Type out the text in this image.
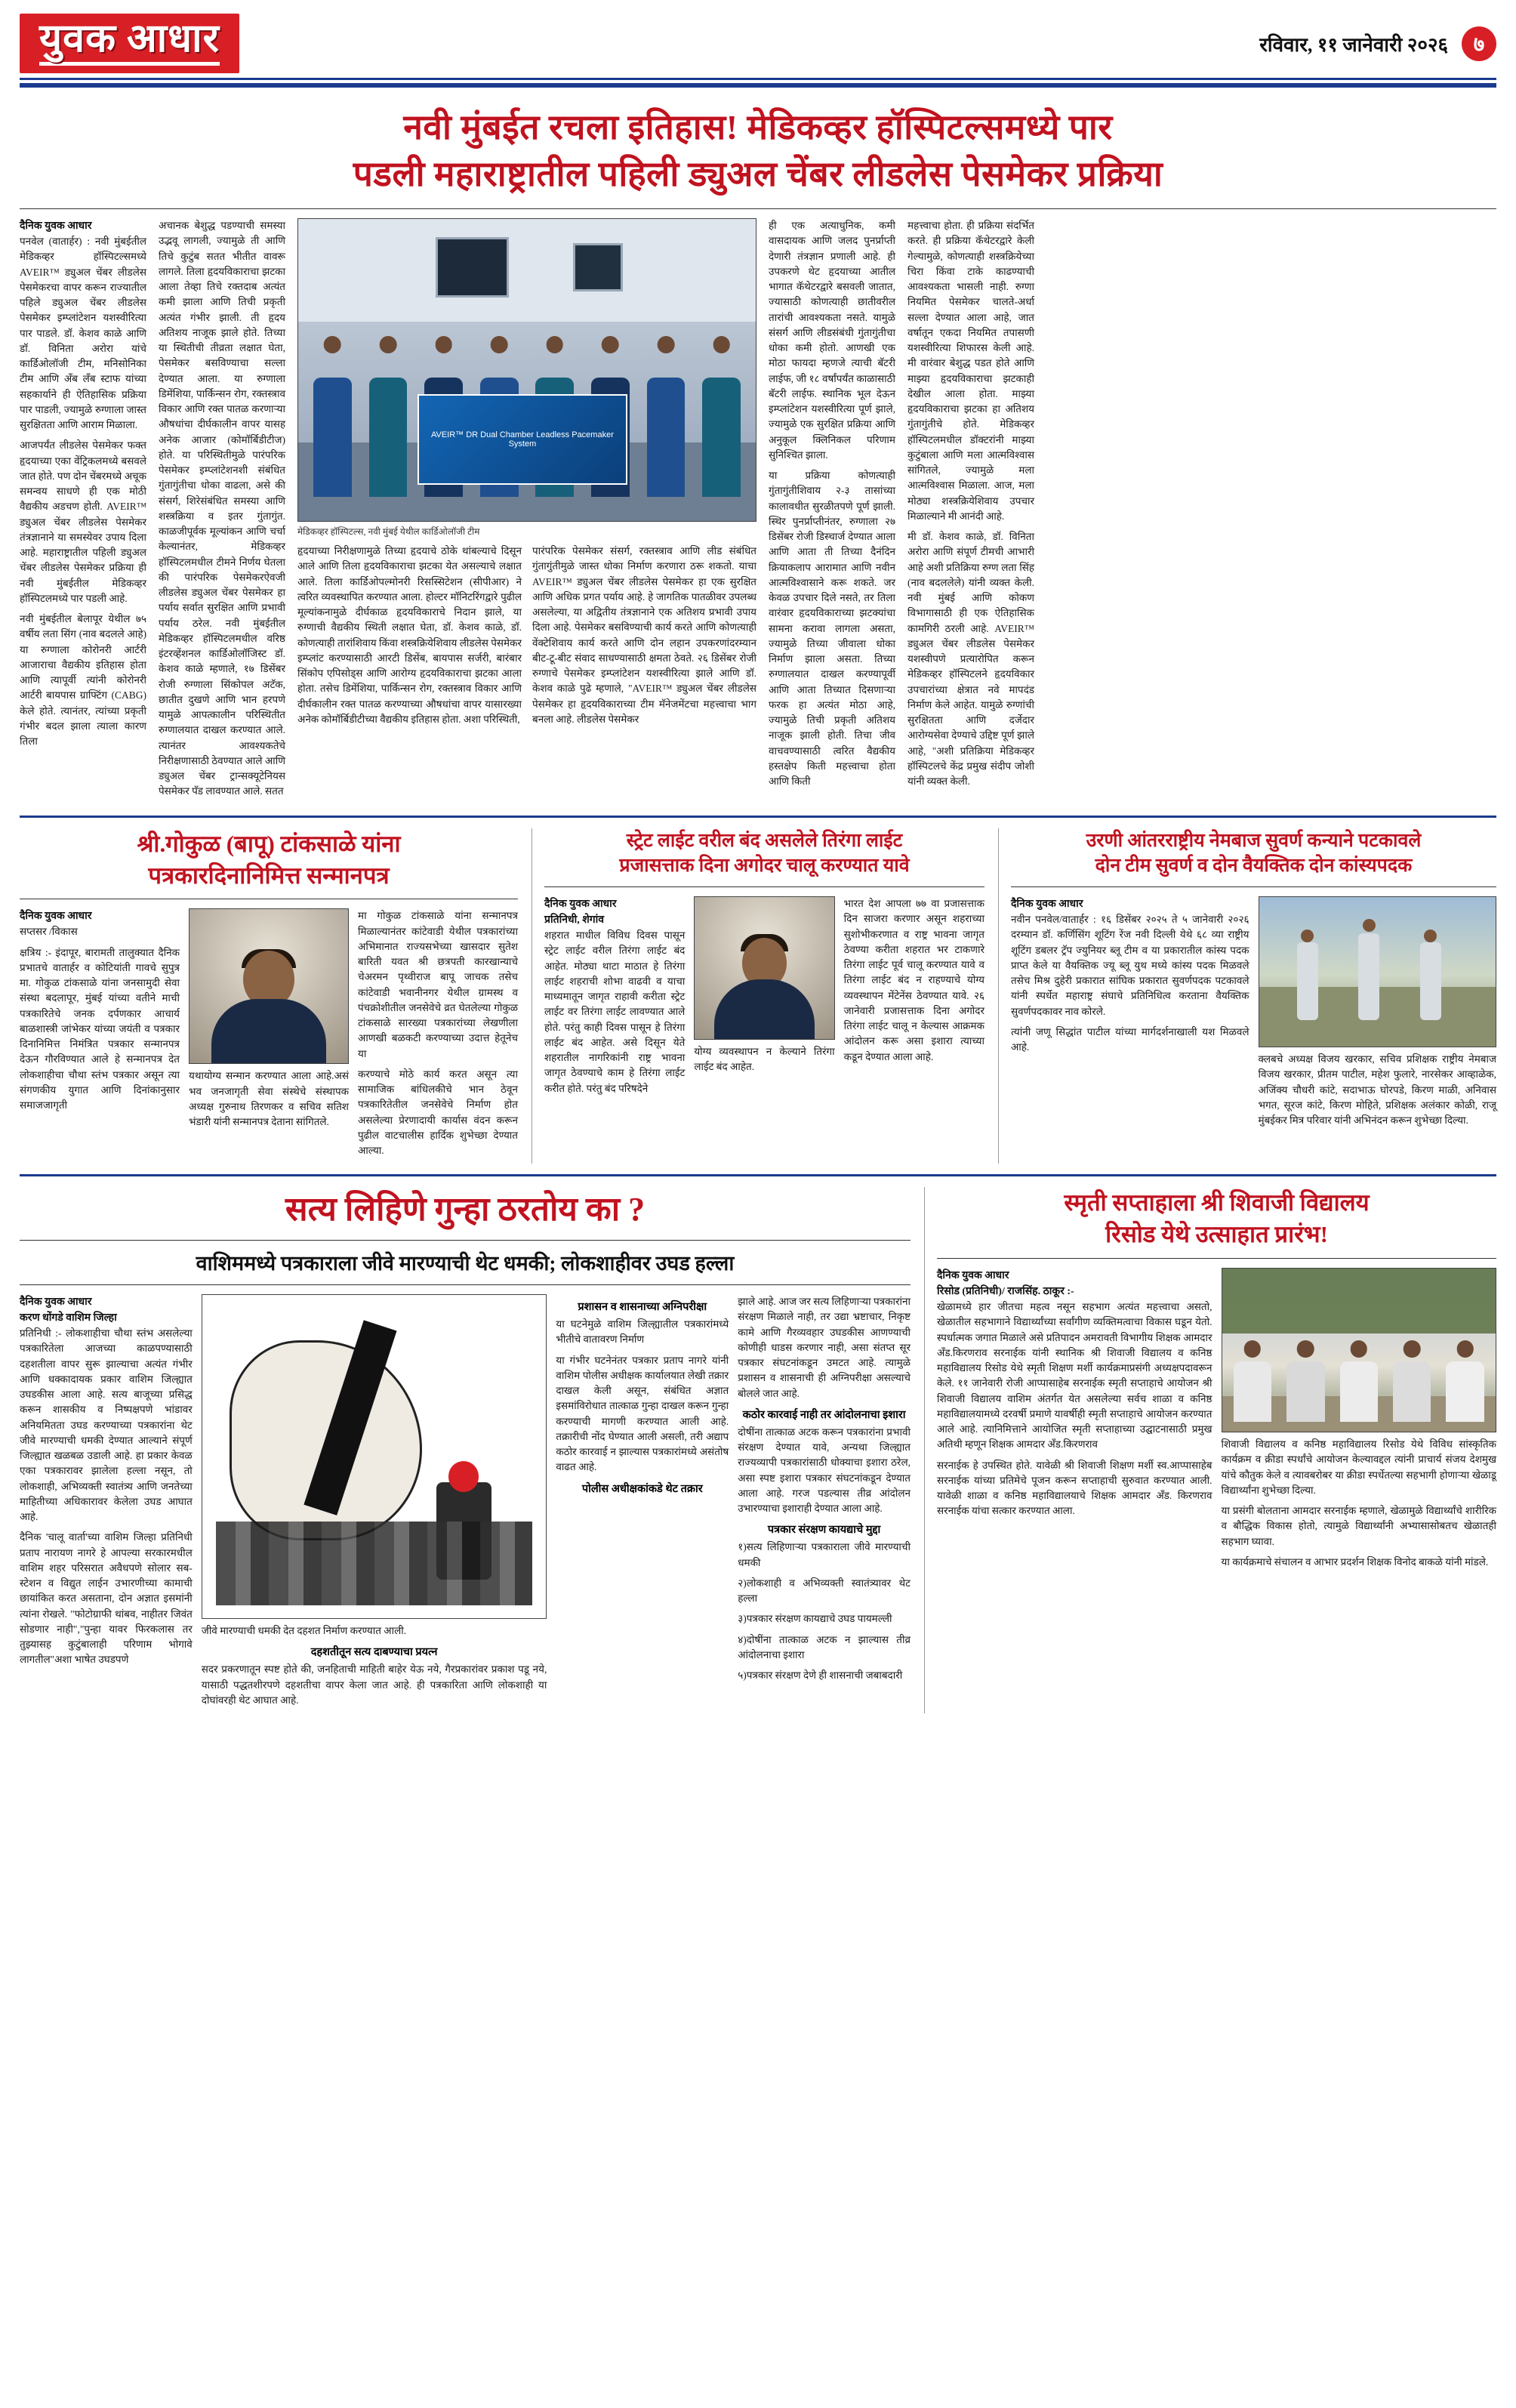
युवक आधार	रविवार, ११ जानेवारी २०२६	७
नवी मुंबईत रचला इतिहास! मेडिकव्हर हॉस्पिटल्समध्ये पार
पडली महाराष्ट्रातील पहिली ड्युअल चेंबर लीडलेस पेसमेकर प्रक्रिया
दैनिक युवक आधार
पनवेल (वातार्हर) : नवी मुंबईतील मेडिकव्हर हॉस्पिटल्समध्ये AVEIR™ ड्युअल चेंबर लीडलेस पेसमेकरचा वापर करून राज्यातील पहिले ड्युअल चेंबर लीडलेस पेसमेकर इम्प्लांटेशन यशस्वीरित्या पार पाडले. डॉ. केशव काळे आणि डॉ. विनिता अरोरा यांचे कार्डिओलॉजी टीम, मनिसोनिका टीम आणि अँब लँब स्टाफ यांच्या सहकार्याने ही ऐतिहासिक प्रक्रिया पार पाडली, ज्यामुळे रुग्णाला जास्त सुरक्षितता आणि आराम मिळाला.
आजपर्यंत लीडलेस पेसमेकर फक्त हृदयाच्या एका वेंट्रिकलमध्ये बसवले जात होते. पण दोन चेंबरमध्ये अचूक समन्वय साधणे ही एक मोठी वैद्यकीय अडचण होती. AVEIR™ ड्युअल चेंबर लीडलेस पेसमेकर तंत्रज्ञानाने या समस्येवर उपाय दिला आहे. महाराष्ट्रातील पहिली ड्युअल चेंबर लीडलेस पेसमेकर प्रक्रिया ही नवी मुंबईतील मेडिकव्हर हॉस्पिटलमध्ये पार पडली आहे.
नवी मुंबईतील बेलापूर येथील ७५ वर्षीय लता सिंग (नाव बदलले आहे) या रुग्णाला कोरोनरी आर्टरी आजाराचा वैद्यकीय इतिहास होता आणि त्यापूर्वी त्यांनी कोरोनरी आर्टरी बायपास ग्राफ्टिंग (CABG) केले होते. त्यानंतर, त्यांच्या प्रकृती गंभीर बदल झाला त्याला कारण तिला
अचानक बेशुद्ध पडण्याची समस्या उद्भवू लागली, ज्यामुळे ती आणि तिचे कुटुंब सतत भीतीत वावरू लागले. तिला हृदयविकाराचा झटका आला तेव्हा तिचे रक्तदाब अत्यंत कमी झाला आणि तिची प्रकृती अत्यंत गंभीर झाली. ती हृदय अतिशय नाजूक झाले होते. तिच्या या स्थितीची तीव्रता लक्षात घेता, पेसमेकर बसविण्याचा सल्ला देण्यात आला. या रुग्णाला डिमेंशिया, पार्किन्सन रोग, रक्तस्त्राव विकार आणि रक्त पातळ करणाऱ्या औषधांचा दीर्घकालीन वापर यासह अनेक आजार (कोमॉर्बिडीटीज) होते. या परिस्थितीमुळे पारंपरिक पेसमेकर इम्प्लांटेशनशी संबंधित गुंतागुंतीचा धोका वाढला, असे की संसर्ग, शिरेसंबंधित समस्या आणि शस्त्रक्रिया व इतर गुंतागुंत. काळजीपूर्वक मूल्यांकन आणि चर्चा केल्यानंतर, मेडिकव्हर हॉस्पिटलमधील टीमने निर्णय घेतला की पारंपरिक पेसमेकरऐवजी लीडलेस ड्युअल चेंबर पेसमेकर हा पर्याय सर्वात सुरक्षित आणि प्रभावी पर्याय ठरेल. नवी मुंबईतील मेडिकव्हर हॉस्पिटलमधील वरिष्ठ इंटरव्हेंशनल कार्डिओलॉजिस्ट डॉ. केशव काळे म्हणाले, १७ डिसेंबर रोजी रुग्णाला सिंकोपल अटॅक, छातीत दुखणे आणि भान हरपणे यामुळे आपत्कालीन परिस्थितीत रुग्णालयात दाखल करण्यात आले. त्यानंतर आवश्यकतेचे निरीक्षणासाठी ठेवण्यात आले आणि ड्युअल चेंबर ट्रान्सक्यूटेनियस पेसमेकर पॅड लावण्यात आले. सतत
AVEIR™ DR Dual Chamber Leadless Pacemaker System
मेडिकव्हर हॉस्पिटल्स, नवी मुंबई येथील कार्डिओलॉजी टीम
हृदयाच्या निरीक्षणामुळे तिच्या हृदयाचे ठोके थांबल्याचे दिसून आले आणि तिला हृदयविकाराचा झटका येत असल्याचे लक्षात आले. तिला कार्डिओपल्मोनरी रिसस्सिटेशन (सीपीआर) ने त्वरित व्यवस्थापित करण्यात आला. होल्टर मॉनिटरिंगद्वारे पुढील मूल्यांकनामुळे दीर्घकाळ हृदयविकाराचे निदान झाले, या रुग्णाची वैद्यकीय स्थिती लक्षात घेता, डॉ. केशव काळे, डॉ. कोणत्याही तारांशिवाय किंवा शस्त्रक्रियेशिवाय लीडलेस पेसमेकर इम्प्लांट करण्यासाठी आरटी डिसेंब, बायपास सर्जरी, बारंबार सिंकोप एपिसोड्स आणि आरोग्य हृदयविकाराचा झटका आला होता. तसेच डिमेंशिया, पार्किन्सन रोग, रक्तस्त्राव विकार आणि दीर्घकालीन रक्त पातळ करण्याच्या औषधांचा वापर यासारख्या अनेक कोमॉर्बिडीटीच्या वैद्यकीय इतिहास होता. अशा परिस्थिती,
पारंपरिक पेसमेकर संसर्ग, रक्तस्त्राव आणि लीड संबंधित गुंतागुंतीमुळे जास्त धोका निर्माण करणारा ठरू शकतो. याचा AVEIR™ ड्युअल चेंबर लीडलेस पेसमेकर हा एक सुरक्षित आणि अधिक प्रगत पर्याय आहे. हे जागतिक पातळीवर उपलब्ध असलेल्या, या अद्वितीय तंत्रज्ञानाने एक अतिशय प्रभावी उपाय दिला आहे. पेसमेकर बसविण्याची कार्य करते आणि कोणत्याही वेंक्टेशिवाय कार्य करते आणि दोन लहान उपकरणांदरम्यान बीट-टू-बीट संवाद साधण्यासाठी क्षमता ठेवते. २६ डिसेंबर रोजी रुग्णाचे पेसमेकर इम्प्लांटेशन यशस्वीरित्या झाले आणि डॉ. केशव काळे पुढे म्हणाले, "AVEIR™ ड्युअल चेंबर लीडलेस पेसमेकर हा हृदयविकाराच्या टीम मॅनेजमेंटचा महत्त्वाचा भाग बनला आहे. लीडलेस पेसमेकर
ही एक अत्याधुनिक, कमी वासदायक आणि जलद पुनर्प्राप्ती देणारी तंत्रज्ञान प्रणाली आहे. ही उपकरणे थेट हृदयाच्या आतील भागात कॅथेटरद्वारे बसवली जातात, ज्यासाठी कोणत्याही छातीवरील तारांची आवश्यकता नसते. यामुळे संसर्ग आणि लीडसंबंधी गुंतागुंतीचा धोका कमी होतो. आणखी एक मोठा फायदा म्हणजे त्याची बॅटरी लाईफ, जी १८ वर्षांपर्यंत काळासाठी बॅटरी लाईफ. स्थानिक भूल देऊन इम्प्लांटेशन यशस्वीरित्या पूर्ण झाले, ज्यामुळे एक सुरक्षित प्रक्रिया आणि अनुकूल क्लिनिकल परिणाम सुनिश्चित झाला.
या प्रक्रिया कोणत्याही गुंतागुंतीशिवाय २-३ तासांच्या कालावधीत सुरळीतपणे पूर्ण झाली. स्थिर पुनर्प्राप्तीनंतर, रुग्णाला २७ डिसेंबर रोजी डिस्चार्ज देण्यात आला आणि आता ती तिच्या दैनंदिन क्रियाकलाप आरामात आणि नवीन आत्मविश्वासाने करू शकते. जर केवळ उपचार दिले नसते, तर तिला वारंवार हृदयविकाराच्या झटक्यांचा सामना करावा लागला असता, ज्यामुळे तिच्या जीवाला धोका निर्माण झाला असता. तिच्या रुग्णालयात दाखल करण्यापूर्वी आणि आता तिच्यात दिसणाऱ्या फरक हा अत्यंत मोठा आहे, ज्यामुळे तिची प्रकृती अतिशय नाजूक झाली होती. तिचा जीव वाचवण्यासाठी त्वरित वैद्यकीय हस्तक्षेप किती महत्त्वाचा होता आणि किती
महत्त्वाचा होता. ही प्रक्रिया संदर्भित करते. ही प्रक्रिया कॅथेटरद्वारे केली गेल्यामुळे, कोणत्याही शस्त्रक्रियेच्या चिरा किंवा टाके काढण्याची आवश्यकता भासली नाही. रुग्णा नियमित पेसमेकर चालते-अर्धा सल्ला देण्यात आला आहे, जात वर्षातून एकदा नियमित तपासणी यशस्वीरित्या शिफारस केली आहे. मी वारंवार बेशुद्ध पडत होते आणि माझ्या हृदयविकाराचा झटकाही देखील आला होता. माझ्या हृदयविकाराचा झटका हा अतिशय गुंतागुंतीचे होते. मेडिकव्हर हॉस्पिटलमधील डॉक्टरांनी माझ्या कुटुंबाला आणि मला आत्मविश्वास सांगितले, ज्यामुळे मला आत्मविश्वास मिळाला. आज, मला मोठ्या शस्त्रक्रियेशिवाय उपचार मिळाल्याने मी आनंदी आहे.
मी डॉ. केशव काळे, डॉ. विनिता अरोरा आणि संपूर्ण टीमची आभारी आहे अशी प्रतिक्रिया रुग्ण लता सिंह (नाव बदललेले) यांनी व्यक्त केली. नवी मुंबई आणि कोकण विभागासाठी ही एक ऐतिहासिक कामगिरी ठरली आहे. AVEIR™ ड्युअल चेंबर लीडलेस पेसमेकर यशस्वीपणे प्रत्यारोपित करून मेडिकव्हर हॉस्पिटलने हृदयविकार उपचारांच्या क्षेत्रात नवे मापदंड निर्माण केले आहेत. यामुळे रुग्णांची सुरक्षितता आणि दर्जेदार आरोग्यसेवा देण्याचे उद्दिष्ट पूर्ण झाले आहे, "अशी प्रतिक्रिया मेडिकव्हर हॉस्पिटलचे केंद्र प्रमुख संदीप जोशी यांनी व्यक्त केली.
श्री.गोकुळ (बापू) टांकसाळे यांना
पत्रकारदिनानिमित्त सन्मानपत्र
दैनिक युवक आधार
सप्तसर /विकास
क्षत्रिय :- इंदापूर, बारामती तालुक्यात दैनिक प्रभातचे वातार्हर व कोटियांती गावचे सुपुत्र मा. गोकुळ टांकसाळे यांना जनसामुदी सेवा संस्था बदलापूर, मुंबई यांच्या वतीने माची पत्रकारितेचे जनक दर्पणकार आचार्य बाळशास्त्री जांभेकर यांच्या जयंती व पत्रकार दिनानिमित्त निमंत्रित पत्रकार सन्मानपत्र देऊन गौरविण्यात आले हे सन्मानपत्र देत लोकशाहीचा चौथा स्तंभ पत्रकार असून त्या संगणकीय युगात आणि दिनांकानुसार समाजजागृती
यथायोग्य सन्मान करण्यात आला आहे.असं भव जनजागृती सेवा संस्थेचे संस्थापक अध्यक्ष गुरुनाथ तिरणकर व सचिव सतिश भंडारी यांनी सन्मानपत्र देताना सांगितले.
मा गोकुळ टांकसाळे यांना सन्मानपत्र मिळाल्यानंतर कांटेवाडी येथील पत्रकारांच्या अभिमानात राज्यसभेच्या खासदार सुतेश बारिती यवत श्री छत्रपती कारखान्याचे चेअरमन पृथ्वीराज बापू जाचक तसेच कांटेवाडी भवानीनगर येथील ग्रामस्थ व पंचक्रोशीतील जनसेवेचे व्रत घेतलेल्या गोकुळ टांकसाळे सारख्या पत्रकारांच्या लेखणीला आणखी बळकटी करण्याच्या उदात्त हेतूनेच या
करण्याचे मोठे कार्य करत असून त्या सामाजिक बांधिलकीचे भान ठेवून पत्रकारितेतील जनसेवेचे निर्माण होत असलेल्या प्रेरणादायी कार्यास वंदन करून पुढील वाटचालीस हार्दिक शुभेच्छा देण्यात आल्या.
स्ट्रेट लाईट वरील बंद असलेले तिरंगा लाईट
प्रजासत्ताक दिना अगोदर चालू करण्यात यावे
दैनिक युवक आधार
प्रतिनिधी, शेगांव
शहरात माधील विविध दिवस पासून स्ट्रेट लाईट वरील तिरंगा लाईट बंद आहेत. मोठ्या थाटा माठात हे तिरंगा लाईट शहराची शोभा वाढवी व याचा माध्यमातून जागृत राहावी करीता स्ट्रेट लाईट वर तिरंगा लाईट लावण्यात आले होते. परंतु काही दिवस पासून हे तिरंगा लाईट बंद आहेत. असे दिसून येते शहरातील नागरिकांनी राष्ट्र भावना जागृत ठेवण्याचे काम हे तिरंगा लाईट करीत होते. परंतु बंद परिषदेने
योग्य व्यवस्थापन न केल्याने तिरंगा लाईट बंद आहेत.
भारत देश आपला ७७ वा प्रजासत्ताक दिन साजरा करणार असून शहराच्या सुशोभीकरणात व राष्ट्र भावना जागृत ठेवण्या करीता शहरात भर टाकणारे तिरंगा लाईट पूर्व चालू करण्यात यावे व तिरंगा लाईट बंद न राहण्याचे योग्य व्यवस्थापन मेंटेनेंस ठेवण्यात यावे. २६ जानेवारी प्रजासत्ताक दिना अगोदर तिरंगा लाईट चालू न केल्यास आक्रमक आंदोलन करू असा इशारा त्याच्या कडून देण्यात आला आहे.
उरणी आंतरराष्ट्रीय नेमबाज सुवर्ण कन्याने पटकावले
दोन टीम सुवर्ण व दोन वैयक्तिक दोन कांस्यपदक
दैनिक युवक आधार
नवीन पनवेल/वातार्हर : १६ डिसेंबर २०२५ ते ५ जानेवारी २०२६ दरम्यान डॉ. कर्णिसिंग शूटिंग रेंज नवी दिल्ली येथे ६८ व्या राष्ट्रीय शूटिंग डबलर ट्रॅप ज्युनियर ब्लू टीम व या प्रकारातील कांस्य पदक प्राप्त केले या वैयक्तिक ज्यू ब्लू युथ मध्ये कांस्य पदक मिळवले तसेच मिश्र दुहेरी प्रकारात सांघिक प्रकारात सुवर्णपदक पटकावले यांनी स्पर्धेत महाराष्ट्र संघाचे प्रतिनिधित्व करताना वैयक्तिक सुवर्णपदकावर नाव कोरले.
त्यांनी जणू सिद्धांत पाटील यांच्या मार्गदर्शनाखाली यश मिळवले आहे.
क्लबचे अध्यक्ष विजय खरकार, सचिव प्रशिक्षक राष्ट्रीय नेमबाज विजय खरकार, प्रीतम पाटील, महेश फुलारे, नारसेकर आव्हाळेक, अजिंक्य चौधरी कांटे, सदाभाऊ घोरपडे, किरण माळी, अनिवास भगत, सूरज कांटे, किरण मोहिते, प्रशिक्षक अलंकार कोळी, राजू मुंबईकर मित्र परिवार यांनी अभिनंदन करून शुभेच्छा दिल्या.
सत्य लिहिणे गुन्हा ठरतोय का ?
वाशिममध्ये पत्रकाराला जीवे मारण्याची थेट धमकी; लोकशाहीवर उघड हल्ला
दैनिक युवक आधार
करण धोंगडे वाशिम जिल्हा
प्रतिनिधी :- लोकशाहीचा चौथा स्तंभ असलेल्या पत्रकारितेला आजच्या काळपण्यासाठी दहशतीला वापर सुरू झाल्याचा अत्यंत गंभीर आणि धक्कादायक प्रकार वाशिम जिल्ह्यात उघडकीस आला आहे. सत्य बाजूच्या प्रसिद्ध करून शासकीय व निष्पक्षपणे भांडावर अनियमितता उघड करण्याच्या पत्रकारांना थेट जीवे मारण्याची धमकी देण्यात आल्याने संपूर्ण जिल्ह्यात खळबळ उडाली आहे. हा प्रकार केवळ एका पत्रकारावर झालेला हल्ला नसून, तो लोकशाही, अभिव्यक्ती स्वातंत्र्य आणि जनतेच्या माहितीच्या अधिकारावर केलेला उघड आघात आहे.
दैनिक 'चालू वार्ता'च्या वाशिम जिल्हा प्रतिनिधी प्रताप नारायण नागरे हे आपल्या सरकारमधील वाशिम शहर परिसरात अवैधपणे सोलार सब-स्टेशन व विद्युत लाईन उभारणीच्या कामाची छायांकित करत असताना, दोन अज्ञात इसमांनी त्यांना रोखले. "फोटोग्राफी थांबव, नाहीतर जिवंत सोडणार नाही","पुन्हा यावर फिरकलास तर तुझ्यासह कुटुंबालाही परिणाम भोगावे लागतील"अशा भाषेत उघडपणे
जीवे मारण्याची धमकी देत दहशत निर्माण करण्यात आली.
दहशतीतून सत्य दाबण्याचा प्रयत्न
सदर प्रकरणातून स्पष्ट होते की, जनहिताची माहिती बाहेर येऊ नये, गैरप्रकारांवर प्रकाश पडू नये, यासाठी पद्धतशीरपणे दहशतीचा वापर केला जात आहे. ही पत्रकारिता आणि लोकशाही या दोघांवरही थेट आघात आहे.
प्रशासन व शासनाच्या अग्निपरीक्षा
या घटनेमुळे वाशिम जिल्ह्यातील पत्रकारांमध्ये भीतीचे वातावरण निर्माण
या गंभीर घटनेनंतर पत्रकार प्रताप नागरे यांनी वाशिम पोलीस अधीक्षक कार्यालयात लेखी तक्रार दाखल केली असून, संबंधित अज्ञात इसमांविरोधात तात्काळ गुन्हा दाखल करून गुन्हा करण्याची मागणी करण्यात आली आहे. तक्रारीची नोंद घेण्यात आली असली, तरी अद्याप कठोर कारवाई न झाल्यास पत्रकारांमध्ये असंतोष वाढत आहे.
पोलीस अधीक्षकांकडे थेट तक्रार
झाले आहे. आज जर सत्य लिहिणाऱ्या पत्रकारांना संरक्षण मिळाले नाही, तर उद्या भ्रष्टाचार, निकृष्ट कामे आणि गैरव्यवहार उघडकीस आणण्याची कोणीही धाडस करणार नाही, असा संतप्त सूर पत्रकार संघटनांकडून उमटत आहे. त्यामुळे प्रशासन व शासनाची ही अग्निपरीक्षा असल्याचे बोलले जात आहे.
कठोर कारवाई नाही तर आंदोलनाचा इशारा
दोषींना तात्काळ अटक करून पत्रकारांना प्रभावी संरक्षण देण्यात यावे, अन्यथा जिल्ह्यात राज्यव्यापी पत्रकारांसाठी धोक्याचा इशारा ठरेल, असा स्पष्ट इशारा पत्रकार संघटनांकडून देण्यात आला आहे. गरज पडल्यास तीव्र आंदोलन उभारण्याचा इशाराही देण्यात आला आहे.
पत्रकार संरक्षण कायद्याचे मुद्दा
१)सत्य लिहिणाऱ्या पत्रकाराला जीवे मारण्याची धमकी
२)लोकशाही व अभिव्यक्ती स्वातंत्र्यावर थेट हल्ला
३)पत्रकार संरक्षण कायद्याचे उघड पायमल्ली
४)दोषींना तात्काळ अटक न झाल्यास तीव्र आंदोलनाचा इशारा
५)पत्रकार संरक्षण देणे ही शासनाची जबाबदारी
स्मृती सप्ताहाला श्री शिवाजी विद्यालय
रिसोड येथे उत्साहात प्रारंभ!
दैनिक युवक आधार
रिसोड (प्रतिनिधी)/ राजसिंह. ठाकूर :-
खेळामध्ये हार जीतचा महत्व नसून सहभाग अत्यंत महत्त्वाचा असतो, खेळातील सहभागाने विद्यार्थ्यांच्या सर्वांगीण व्यक्तिमत्वाचा विकास घडून येतो. स्पर्धात्मक जगात मिळाले असे प्रतिपादन अमरावती विभागीय शिक्षक आमदार अँड.किरणराव सरनाईक यांनी स्थानिक श्री शिवाजी विद्यालय व कनिष्ठ महाविद्यालय रिसोड येथे स्मृती शिक्षण मर्शी कार्यक्रमाप्रसंगी अध्यक्षपदावरून केले. ११ जानेवारी रोजी आप्पासाहेब सरनाईक स्मृती सप्ताहाचे आयोजन श्री शिवाजी विद्यालय वाशिम अंतर्गत येत असलेल्या सर्वच शाळा व कनिष्ठ महाविद्यालयामध्ये दरवर्षी प्रमाणे यावर्षीही स्मृती सप्ताहाचे आयोजन करण्यात आले आहे. त्यानिमित्ताने आयोजित स्मृती सप्ताहाच्या उद्घाटनासाठी प्रमुख अतिथी म्हणून शिक्षक आमदार अँड.किरणराव
सरनाईक हे उपस्थित होते. यावेळी श्री शिवाजी शिक्षण मर्शी स्व.आप्पासाहेब सरनाईक यांच्या प्रतिमेचे पूजन करून सप्ताहाची सुरुवात करण्यात आली. यावेळी शाळा व कनिष्ठ महाविद्यालयाचे शिक्षक आमदार अँड. किरणराव सरनाईक यांचा सत्कार करण्यात आला.
शिवाजी विद्यालय व कनिष्ठ महाविद्यालय रिसोड येथे विविध सांस्कृतिक कार्यक्रम व क्रीडा स्पर्धांचे आयोजन केल्यावद्दल त्यांनी प्राचार्य संजय देशमुख यांचे कौतुक केले व त्यावबरोबर या क्रीडा स्पर्धेतल्या सहभागी होणाऱ्या खेळाडू विद्यार्थ्यांना शुभेच्छा दिल्या.
या प्रसंगी बोलताना आमदार सरनाईक म्हणाले, खेळामुळे विद्यार्थ्यांचे शारीरिक व बौद्धिक विकास होतो, त्यामुळे विद्यार्थ्यांनी अभ्यासासोबतच खेळातही सहभाग घ्यावा.
या कार्यक्रमाचे संचालन व आभार प्रदर्शन शिक्षक विनोद बाकळे यांनी मांडले.
